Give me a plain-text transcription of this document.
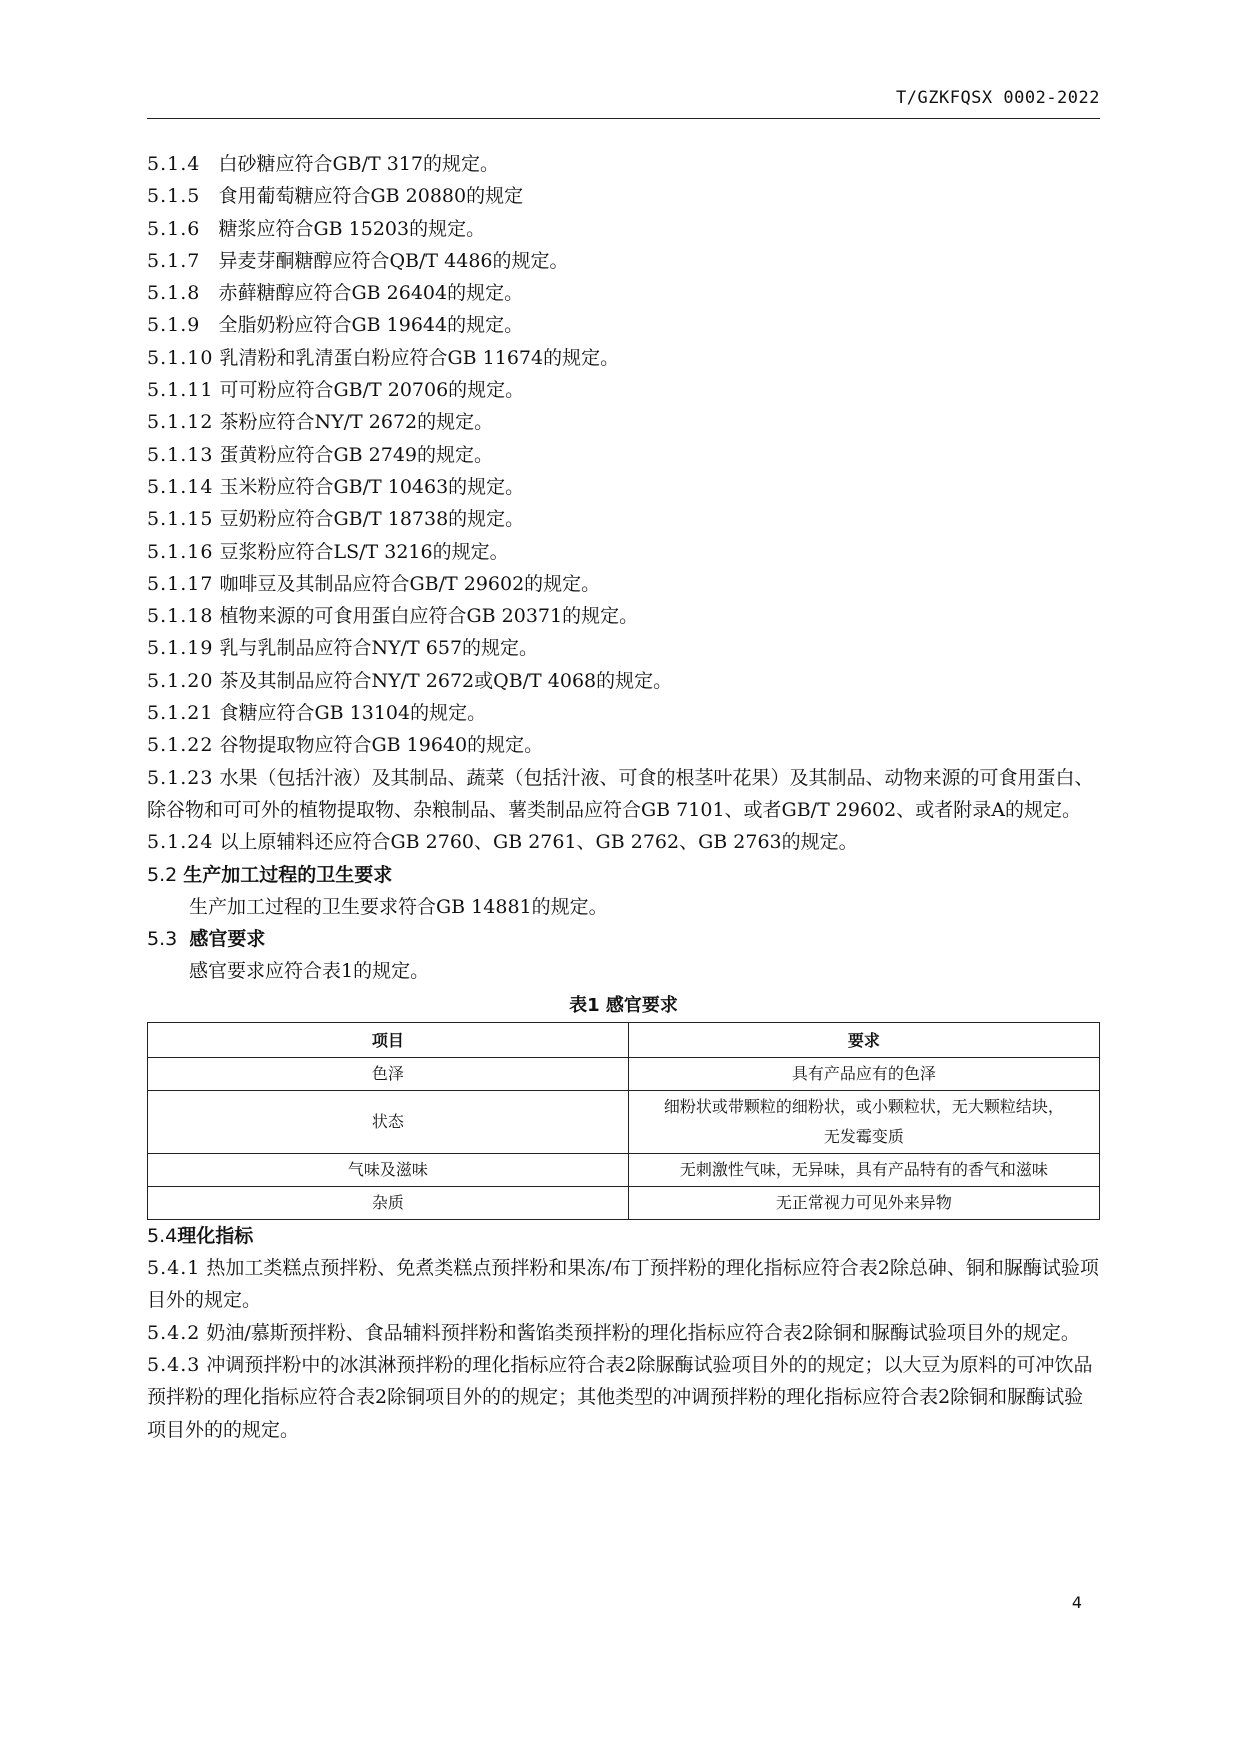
T/GZKFQSX 0002-2022
5.1.4 白砂糖应符合GB/T 317的规定。
5.1.5 食用葡萄糖应符合GB 20880的规定
5.1.6 糖浆应符合GB 15203的规定。
5.1.7 异麦芽酮糖醇应符合QB/T 4486的规定。
5.1.8 赤藓糖醇应符合GB 26404的规定。
5.1.9 全脂奶粉应符合GB 19644的规定。
5.1.10 乳清粉和乳清蛋白粉应符合GB 11674的规定。
5.1.11 可可粉应符合GB/T 20706的规定。
5.1.12 茶粉应符合NY/T 2672的规定。
5.1.13 蛋黄粉应符合GB 2749的规定。
5.1.14 玉米粉应符合GB/T 10463的规定。
5.1.15 豆奶粉应符合GB/T 18738的规定。
5.1.16 豆浆粉应符合LS/T 3216的规定。
5.1.17 咖啡豆及其制品应符合GB/T 29602的规定。
5.1.18 植物来源的可食用蛋白应符合GB 20371的规定。
5.1.19 乳与乳制品应符合NY/T 657的规定。
5.1.20 茶及其制品应符合NY/T 2672或QB/T 4068的规定。
5.1.21 食糖应符合GB 13104的规定。
5.1.22 谷物提取物应符合GB 19640的规定。
5.1.23 水果（包括汁液）及其制品、蔬菜（包括汁液、可食的根茎叶花果）及其制品、动物来源的可食用蛋白、除谷物和可可外的植物提取物、杂粮制品、薯类制品应符合GB 7101、或者GB/T 29602、或者附录A的规定。
5.1.24 以上原辅料还应符合GB 2760、GB 2761、GB 2762、GB 2763的规定。
5.2 生产加工过程的卫生要求
生产加工过程的卫生要求符合GB 14881的规定。
5.3 感官要求
感官要求应符合表1的规定。
表1 感官要求
项目	要求
色泽	具有产品应有的色泽
状态	细粉状或带颗粒的细粉状，或小颗粒状，无大颗粒结块，
无发霉变质
气味及滋味	无刺激性气味，无异味，具有产品特有的香气和滋味
杂质	无正常视力可见外来异物
5.4理化指标
5.4.1 热加工类糕点预拌粉、免煮类糕点预拌粉和果冻/布丁预拌粉的理化指标应符合表2除总砷、铜和脲酶试验项目外的规定。
5.4.2 奶油/慕斯预拌粉、食品辅料预拌粉和酱馅类预拌粉的理化指标应符合表2除铜和脲酶试验项目外的规定。
5.4.3 冲调预拌粉中的冰淇淋预拌粉的理化指标应符合表2除脲酶试验项目外的的规定；以大豆为原料的可冲饮品预拌粉的理化指标应符合表2除铜项目外的的规定；其他类型的冲调预拌粉的理化指标应符合表2除铜和脲酶试验项目外的的规定。
4
